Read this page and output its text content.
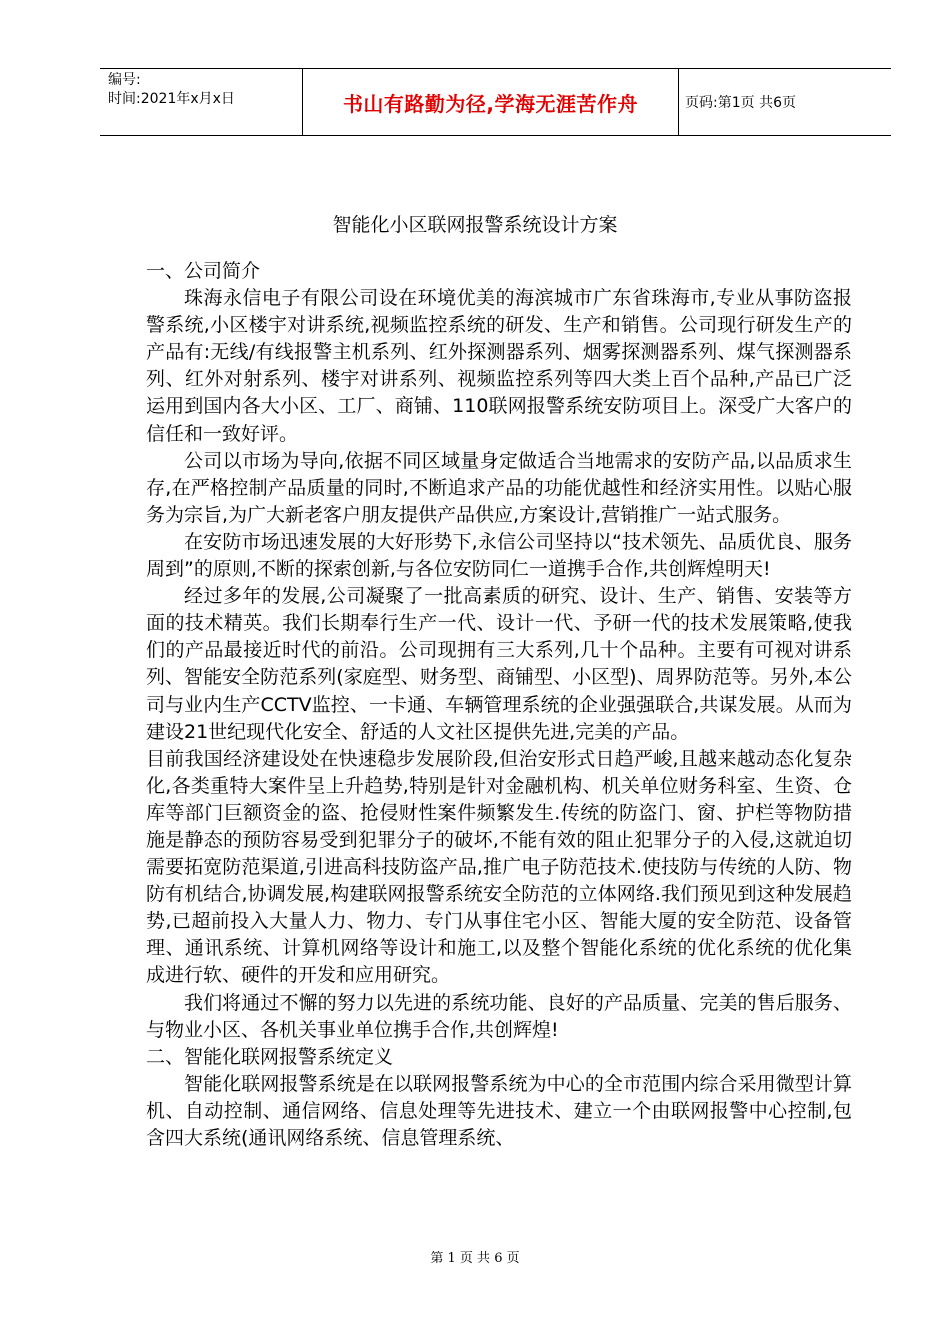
编号:
时间:2021年x月x日	书山有路勤为径,学海无涯苦作舟	页码:第1页 共6页
智能化小区联网报警系统设计方案

一、公司简介

珠海永信电子有限公司设在环境优美的海滨城市广东省珠海市,专业从事防盗报警系统,小区楼宇对讲系统,视频监控系统的研发、生产和销售。公司现行研发生产的产品有:无线/有线报警主机系列、红外探测器系列、烟雾探测器系列、煤气探测器系列、红外对射系列、楼宇对讲系列、视频监控系列等四大类上百个品种,产品已广泛运用到国内各大小区、工厂、商铺、110联网报警系统安防项目上。深受广大客户的信任和一致好评。

公司以市场为导向,依据不同区域量身定做适合当地需求的安防产品,以品质求生存,在严格控制产品质量的同时,不断追求产品的功能优越性和经济实用性。以贴心服务为宗旨,为广大新老客户朋友提供产品供应,方案设计,营销推广一站式服务。

在安防市场迅速发展的大好形势下,永信公司坚持以“技术领先、品质优良、服务周到”的原则,不断的探索创新,与各位安防同仁一道携手合作,共创辉煌明天!

经过多年的发展,公司凝聚了一批高素质的研究、设计、生产、销售、安装等方面的技术精英。我们长期奉行生产一代、设计一代、予研一代的技术发展策略,使我们的产品最接近时代的前沿。公司现拥有三大系列,几十个品种。主要有可视对讲系列、智能安全防范系列(家庭型、财务型、商铺型、小区型)、周界防范等。另外,本公司与业内生产CCTV监控、一卡通、车辆管理系统的企业强强联合,共谋发展。从而为建设21世纪现代化安全、舒适的人文社区提供先进,完美的产品。

目前我国经济建设处在快速稳步发展阶段,但治安形式日趋严峻,且越来越动态化复杂化,各类重特大案件呈上升趋势,特别是针对金融机构、机关单位财务科室、生资、仓库等部门巨额资金的盗、抢侵财性案件频繁发生.传统的防盗门、窗、护栏等物防措施是静态的预防容易受到犯罪分子的破坏,不能有效的阻止犯罪分子的入侵,这就迫切需要拓宽防范渠道,引进高科技防盗产品,推广电子防范技术.使技防与传统的人防、物防有机结合,协调发展,构建联网报警系统安全防范的立体网络.我们预见到这种发展趋势,已超前投入大量人力、物力、专门从事住宅小区、智能大厦的安全防范、设备管理、通讯系统、计算机网络等设计和施工,以及整个智能化系统的优化系统的优化集成进行软、硬件的开发和应用研究。

我们将通过不懈的努力以先进的系统功能、良好的产品质量、完美的售后服务、与物业小区、各机关事业单位携手合作,共创辉煌!

二、智能化联网报警系统定义

智能化联网报警系统是在以联网报警系统为中心的全市范围内综合采用微型计算机、自动控制、通信网络、信息处理等先进技术、建立一个由联网报警中心控制,包含四大系统(通讯网络系统、信息管理系统、

第 1 页 共 6 页
